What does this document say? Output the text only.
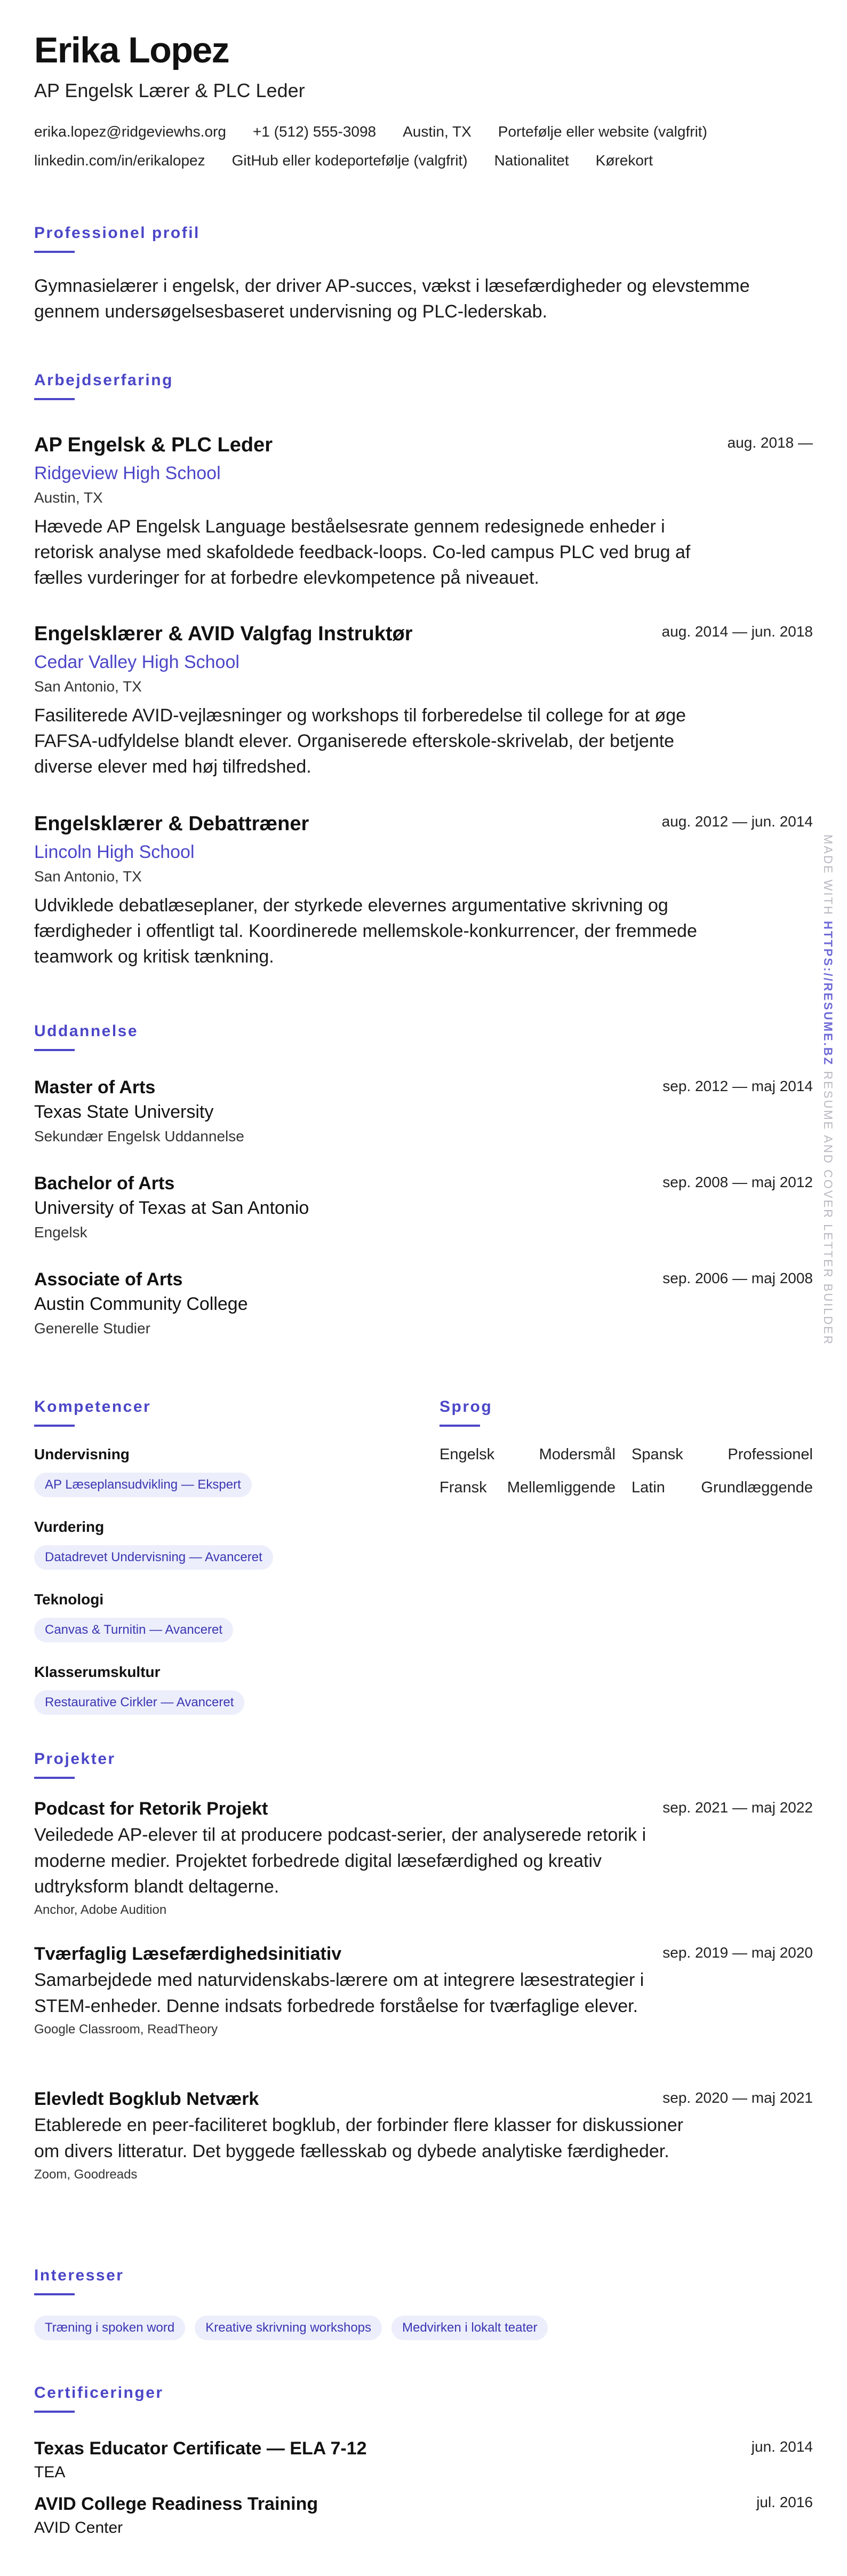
Erika Lopez
AP Engelsk Lærer & PLC Leder
erika.lopez@ridgeviewhs.org +1 (512) 555-3098 Austin, TX Portefølje eller website (valgfrit)
linkedin.com/in/erikalopez GitHub eller kodeportefølje (valgfrit) Nationalitet Kørekort
Professionel profil
Gymnasielærer i engelsk, der driver AP-succes, vækst i læsefærdigheder og elevstemme gennem undersøgelsesbaseret undervisning og PLC-lederskab.
Arbejdserfaring
AP Engelsk & PLC Leder	aug. 2018 —
Ridgeview High School
Austin, TX
Hævede AP Engelsk Language beståelsesrate gennem redesignede enheder i retorisk analyse med skafoldede feedback-loops. Co-led campus PLC ved brug af fælles vurderinger for at forbedre elevkompetence på niveauet.
Engelsklærer & AVID Valgfag Instruktør	aug. 2014 — jun. 2018
Cedar Valley High School
San Antonio, TX
Fasiliterede AVID-vejlæsninger og workshops til forberedelse til college for at øge FAFSA-udfyldelse blandt elever. Organiserede efterskole-skrivelab, der betjente diverse elever med høj tilfredshed.
Engelsklærer & Debattræner	aug. 2012 — jun. 2014
Lincoln High School
San Antonio, TX
Udviklede debatlæseplaner, der styrkede elevernes argumentative skrivning og færdigheder i offentligt tal. Koordinerede mellemskole-konkurrencer, der fremmede teamwork og kritisk tænkning.
Uddannelse
Master of Arts	sep. 2012 — maj 2014
Texas State University
Sekundær Engelsk Uddannelse
Bachelor of Arts	sep. 2008 — maj 2012
University of Texas at San Antonio
Engelsk
Associate of Arts	sep. 2006 — maj 2008
Austin Community College
Generelle Studier
Kompetencer
Undervisning
AP Læseplansudvikling — Ekspert
Vurdering
Datadrevet Undervisning — Avanceret
Teknologi
Canvas & Turnitin — Avanceret
Klasserumskultur
Restaurative Cirkler — Avanceret
Sprog
Engelsk	Modersmål Spansk	Professionel
Fransk Mellemliggende Latin Grundlæggende
Projekter
Podcast for Retorik Projekt	sep. 2021 — maj 2022
Veiledede AP-elever til at producere podcast-serier, der analyserede retorik i moderne medier. Projektet forbedrede digital læsefærdighed og kreativ udtryksform blandt deltagerne.
Anchor, Adobe Audition
Tværfaglig Læsefærdighedsinitiativ	sep. 2019 — maj 2020
Samarbejdede med naturvidenskabs-lærere om at integrere læsestrategier i STEM-enheder. Denne indsats forbedrede forståelse for tværfaglige elever.
Google Classroom, ReadTheory
Elevledt Bogklub Netværk	sep. 2020 — maj 2021
Etablerede en peer-faciliteret bogklub, der forbinder flere klasser for diskussioner om divers litteratur. Det byggede fællesskab og dybede analytiske færdigheder.
Zoom, Goodreads
Interesser
Træning i spoken word	Kreative skrivning workshops	Medvirken i lokalt teater
Certificeringer
Texas Educator Certificate — ELA 7-12	jun. 2014
TEA
AVID College Readiness Training	jul. 2016
AVID Center
MADE WITH HTTPS://RESUME.BZ RESUME AND COVER LETTER BUILDER
